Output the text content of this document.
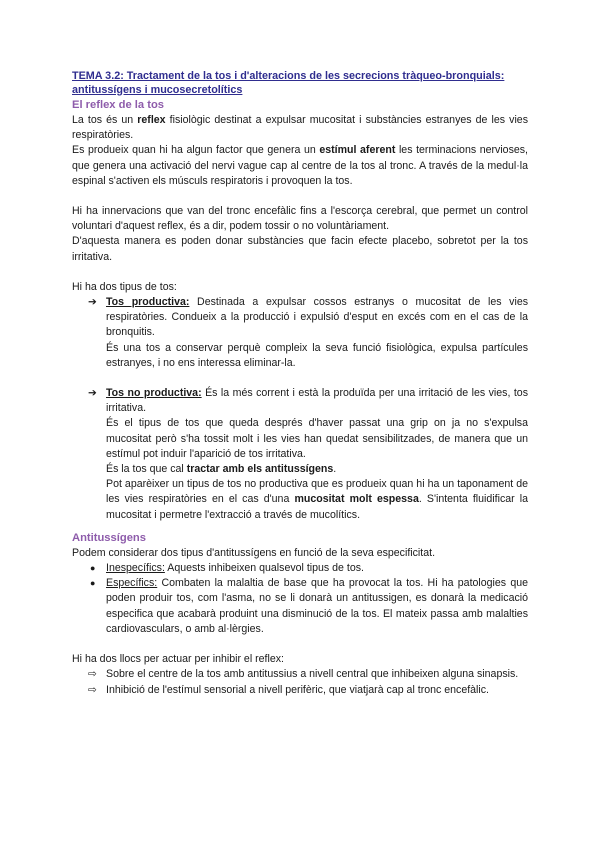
TEMA 3.2: Tractament de la tos i d'alteracions de les secrecions tràqueo-bronquials:
antitussígens i mucosecretolítics
El reflex de la tos

La tos és un reflex fisiològic destinat a expulsar mucositat i substàncies estranyes de les vies respiratòries.

Es produeix quan hi ha algun factor que genera un estímul aferent les terminacions nervioses, que genera una activació del nervi vague cap al centre de la tos al tronc. A través de la medul·la espinal s'activen els músculs respiratoris i provoquen la tos.

Hi ha innervacions que van del tronc encefàlic fins a l'escorça cerebral, que permet un control voluntari d'aquest reflex, és a dir, podem tossir o no voluntàriament.

D'aquesta manera es poden donar substàncies que facin efecte placebo, sobretot per la tos irritativa.

Hi ha dos tipus de tos:

➔ Tos productiva: Destinada a expulsar cossos estranys o mucositat de les vies respiratòries. Condueix a la producció i expulsió d'esput en excés com en el cas de la bronquitis.
És una tos a conservar perquè compleix la seva funció fisiològica, expulsa partícules estranyes, i no ens interessa eliminar-la.
➔ Tos no productiva: És la més corrent i està la produïda per una irritació de les vies, tos irritativa.
És el tipus de tos que queda després d'haver passat una grip on ja no s'expulsa mucositat però s'ha tossit molt i les vies han quedat sensibilitzades, de manera que un estímul pot induir l'aparició de tos irritativa.
És la tos que cal tractar amb els antitussígens.
Pot aparèixer un tipus de tos no productiva que es produeix quan hi ha un taponament de les vies respiratòries en el cas d'una mucositat molt espessa. S'intenta fluidificar la mucositat i permetre l'extracció a través de mucolítics.
Antitussígens

Podem considerar dos tipus d'antitussígens en funció de la seva especificitat.

● Inespecífics: Aquests inhibeixen qualsevol tipus de tos.
● Específics: Combaten la malaltia de base que ha provocat la tos. Hi ha patologies que poden produir tos, com l'asma, no se li donarà un antitussigen, es donarà la medicació especifica que acabarà produint una disminució de la tos. El mateix passa amb malalties cardiovasculars, o amb al·lèrgies.

Hi ha dos llocs per actuar per inhibir el reflex:

⇨ Sobre el centre de la tos amb antitussius a nivell central que inhibeixen alguna sinapsis.
⇨ Inhibició de l'estímul sensorial a nivell perifèric, que viatjarà cap al tronc encefàlic.
